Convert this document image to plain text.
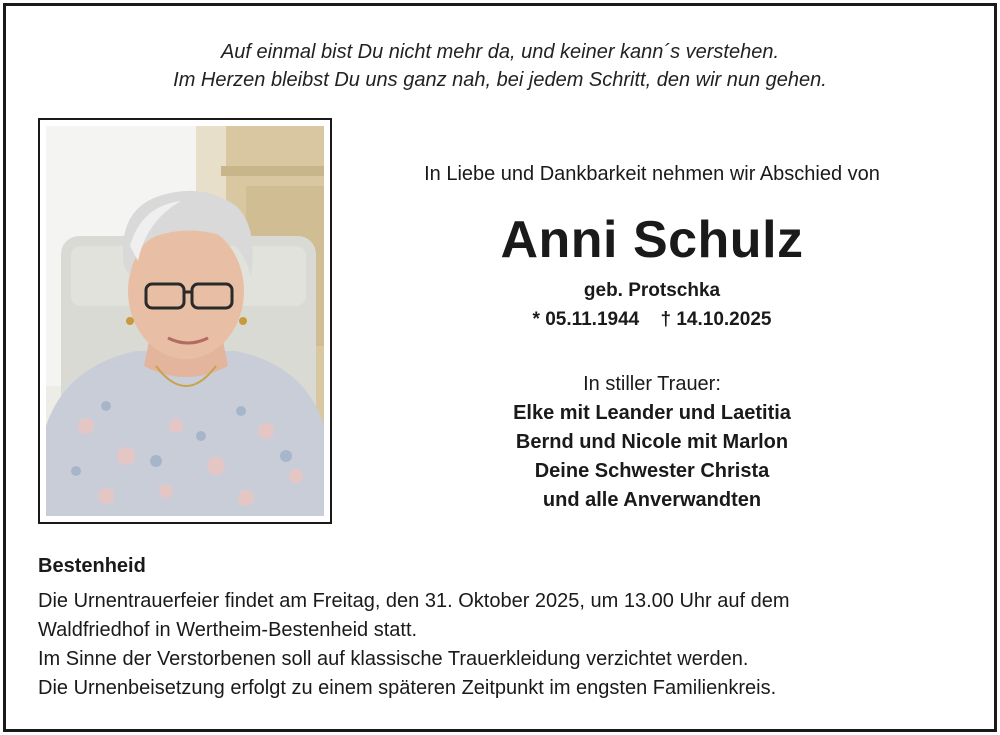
Auf einmal bist Du nicht mehr da, und keiner kann´s verstehen.
Im Herzen bleibst Du uns ganz nah, bei jedem Schritt, den wir nun gehen.
In Liebe und Dankbarkeit nehmen wir Abschied von
Anni Schulz
geb. Protschka
* 05.11.1944 † 14.10.2025
In stiller Trauer:
Elke mit Leander und Laetitia
Bernd und Nicole mit Marlon
Deine Schwester Christa
und alle Anverwandten
Bestenheid
Die Urnentrauerfeier findet am Freitag, den 31. Oktober 2025, um 13.00 Uhr auf dem
Waldfriedhof in Wertheim-Bestenheid statt.
Im Sinne der Verstorbenen soll auf klassische Trauerkleidung verzichtet werden.
Die Urnenbeisetzung erfolgt zu einem späteren Zeitpunkt im engsten Familienkreis.
